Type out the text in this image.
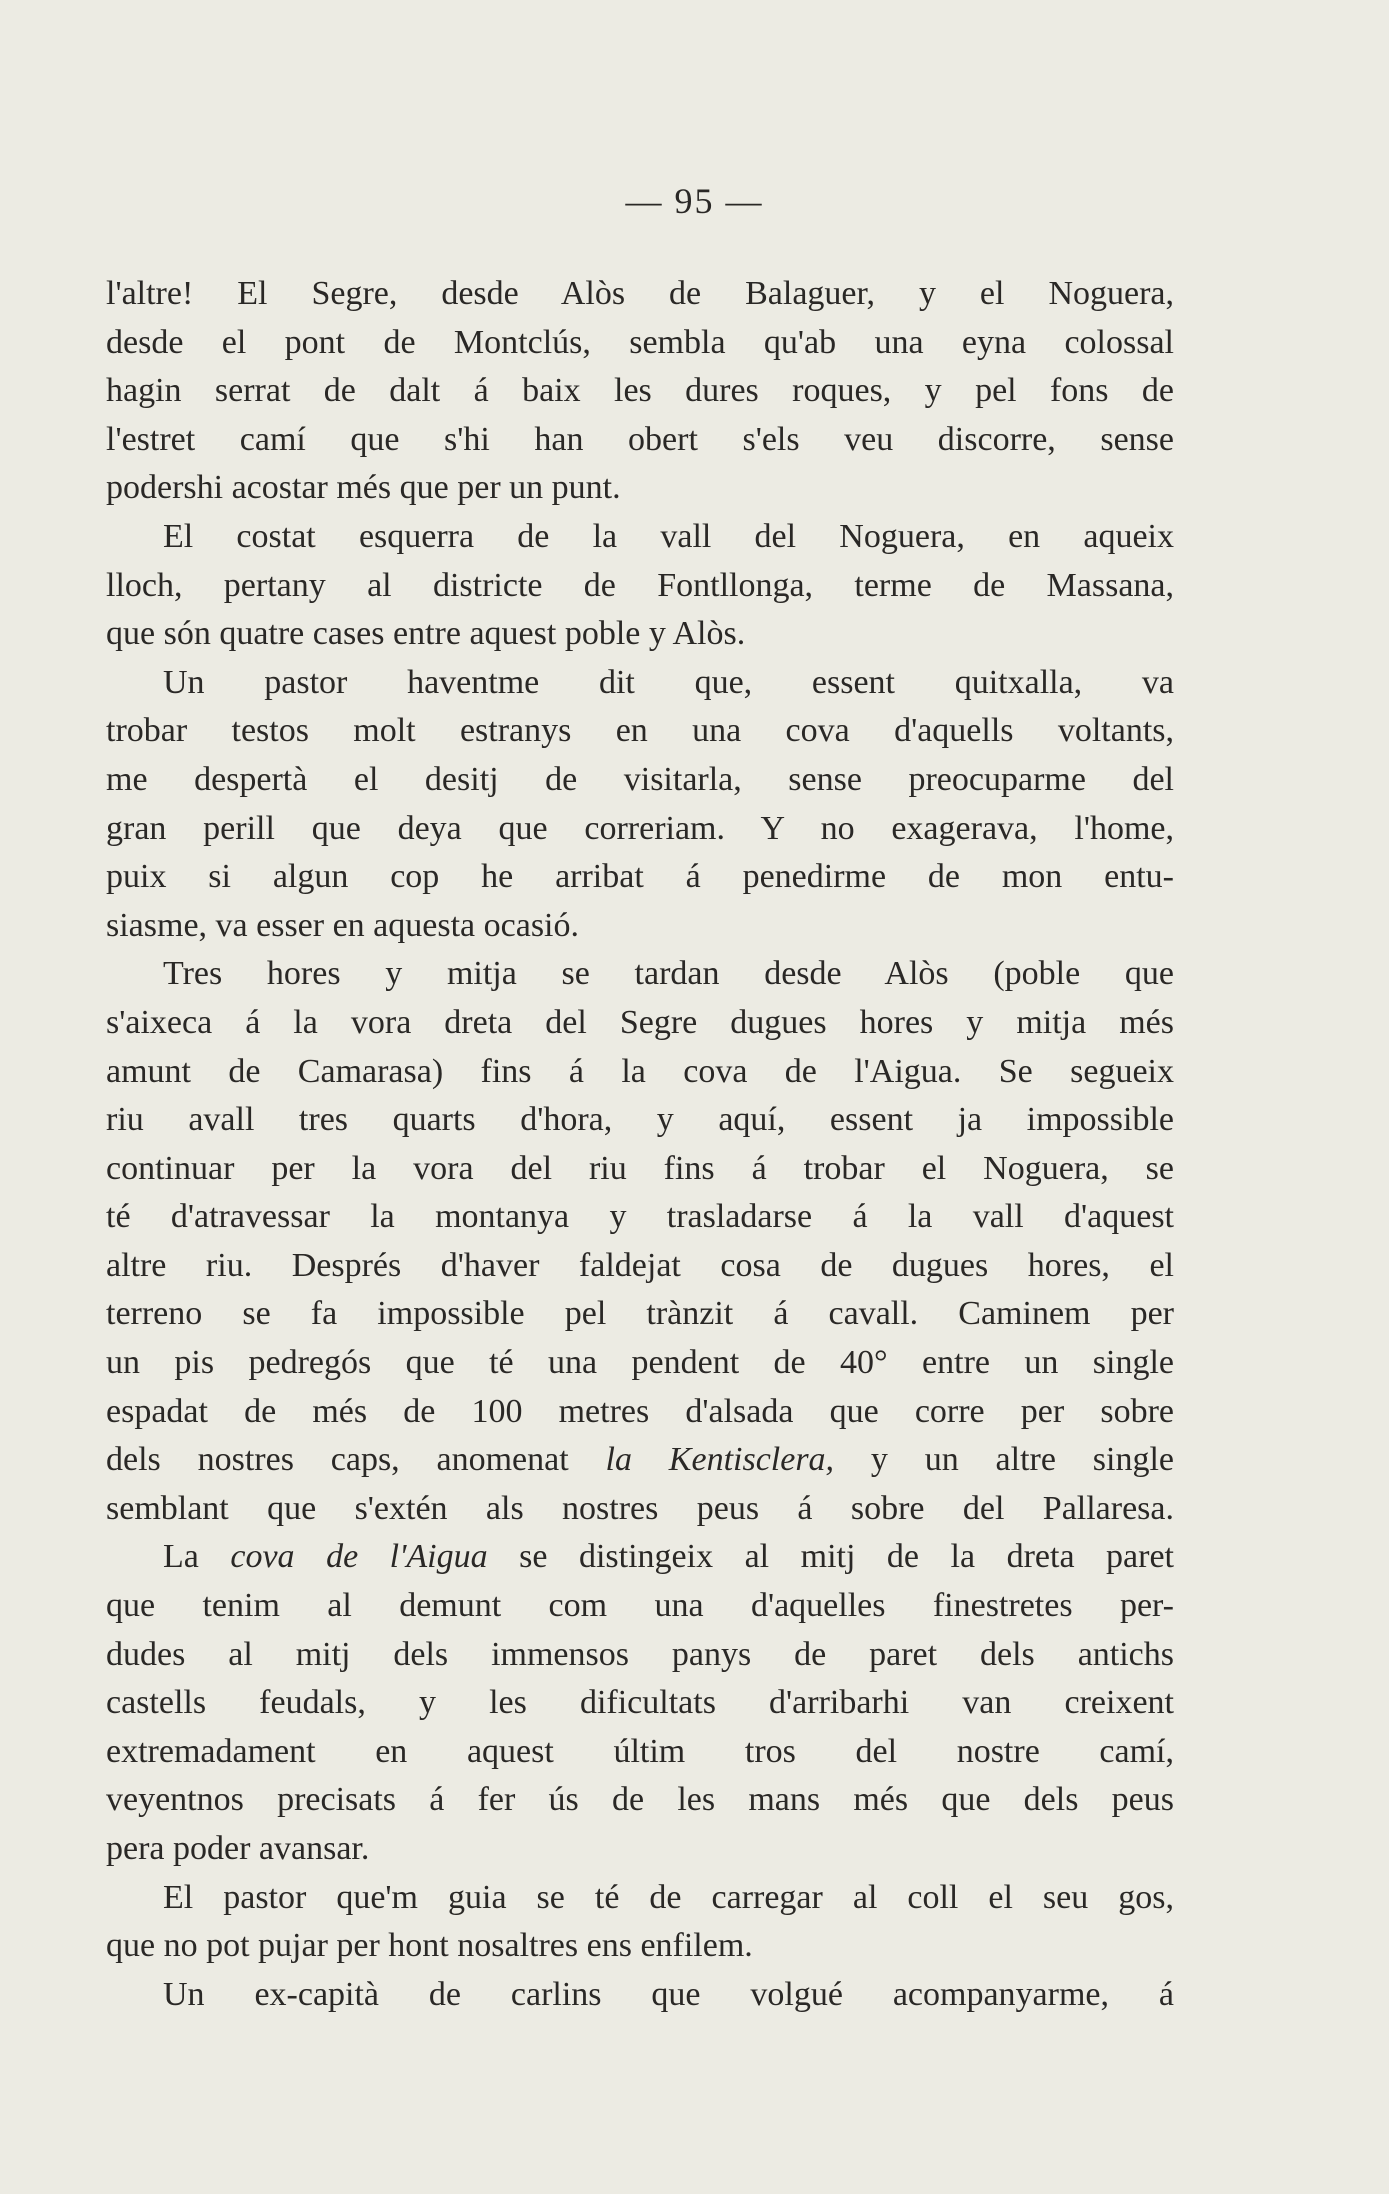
— 95 —
l'altre! El Segre, desde Alòs de Balaguer, y el Noguera,
desde el pont de Montclús, sembla qu'ab una eyna colossal
hagin serrat de dalt á baix les dures roques, y pel fons de
l'estret camí que s'hi han obert s'els veu discorre, sense
podershi acostar més que per un punt.
El costat esquerra de la vall del Noguera, en aqueix
lloch, pertany al districte de Fontllonga, terme de Massana,
que són quatre cases entre aquest poble y Alòs.
Un pastor haventme dit que, essent quitxalla, va
trobar testos molt estranys en una cova d'aquells voltants,
me despertà el desitj de visitarla, sense preocuparme del
gran perill que deya que correriam. Y no exagerava, l'home,
puix si algun cop he arribat á penedirme de mon entu-
siasme, va esser en aquesta ocasió.
Tres hores y mitja se tardan desde Alòs (poble que
s'aixeca á la vora dreta del Segre dugues hores y mitja més
amunt de Camarasa) fins á la cova de l'Aigua. Se segueix
riu avall tres quarts d'hora, y aquí, essent ja impossible
continuar per la vora del riu fins á trobar el Noguera, se
té d'atravessar la montanya y trasladarse á la vall d'aquest
altre riu. Després d'haver faldejat cosa de dugues hores, el
terreno se fa impossible pel trànzit á cavall. Caminem per
un pis pedregós que té una pendent de 40° entre un single
espadat de més de 100 metres d'alsada que corre per sobre
dels nostres caps, anomenat la Kentisclera, y un altre single
semblant que s'extén als nostres peus á sobre del Pallaresa.
La cova de l'Aigua se distingeix al mitj de la dreta paret
que tenim al demunt com una d'aquelles finestretes per-
dudes al mitj dels immensos panys de paret dels antichs
castells feudals, y les dificultats d'arribarhi van creixent
extremadament en aquest últim tros del nostre camí,
veyentnos precisats á fer ús de les mans més que dels peus
pera poder avansar.
El pastor que'm guia se té de carregar al coll el seu gos,
que no pot pujar per hont nosaltres ens enfilem.
Un ex-capità de carlins que volgué acompanyarme, á
